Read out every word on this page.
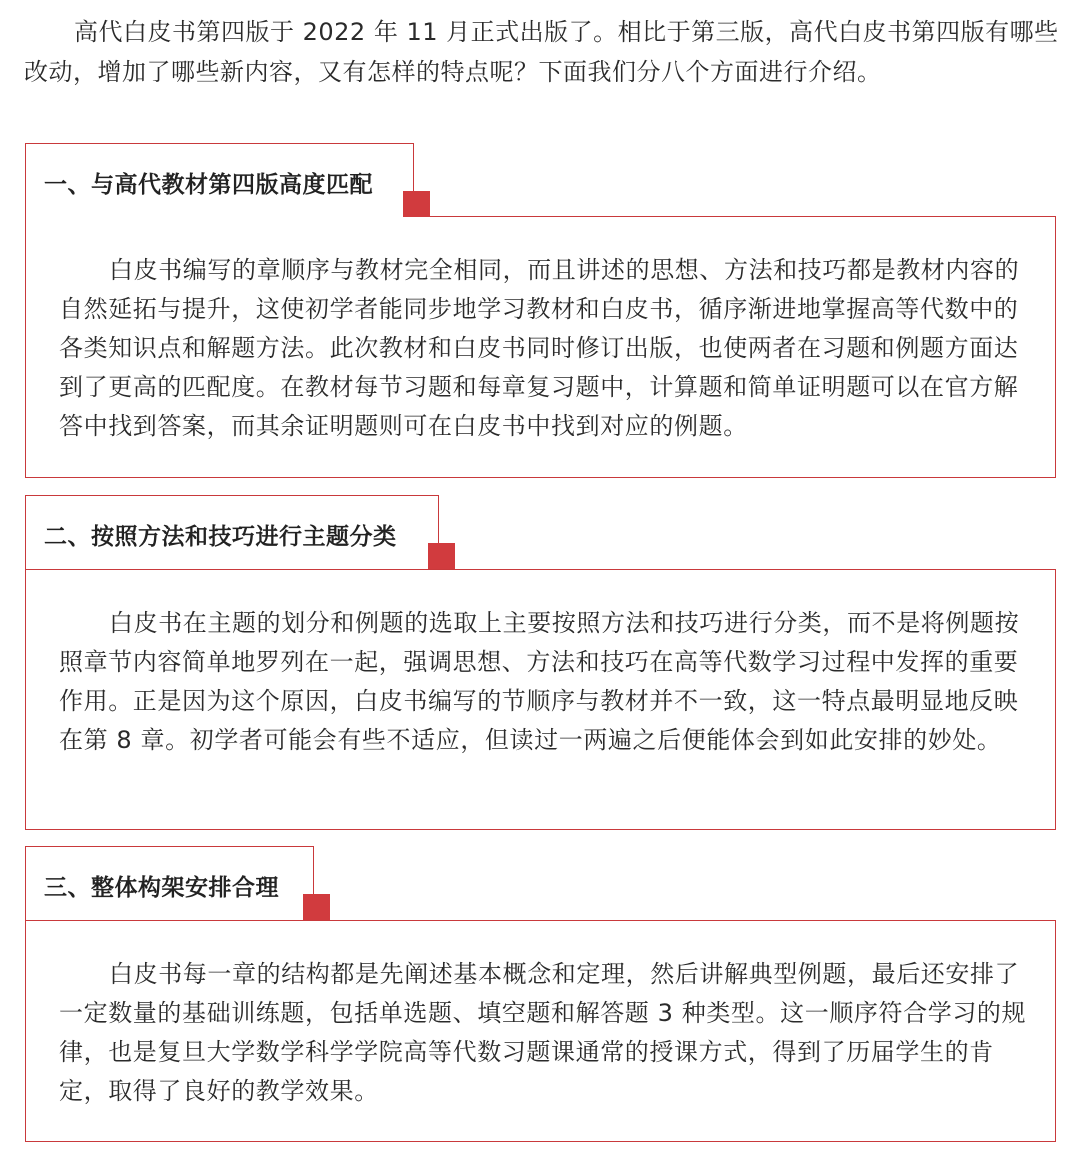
高代白皮书第四版于 2022 年 11 月正式出版了。相比于第三版，高代白皮书第四版有哪些改动，增加了哪些新内容，又有怎样的特点呢？下面我们分八个方面进行介绍。

一、与高代教材第四版高度匹配

白皮书编写的章顺序与教材完全相同，而且讲述的思想、方法和技巧都是教材内容的自然延拓与提升，这使初学者能同步地学习教材和白皮书，循序渐进地掌握高等代数中的各类知识点和解题方法。此次教材和白皮书同时修订出版，也使两者在习题和例题方面达到了更高的匹配度。在教材每节习题和每章复习题中，计算题和简单证明题可以在官方解答中找到答案，而其余证明题则可在白皮书中找到对应的例题。

二、按照方法和技巧进行主题分类

白皮书在主题的划分和例题的选取上主要按照方法和技巧进行分类，而不是将例题按照章节内容简单地罗列在一起，强调思想、方法和技巧在高等代数学习过程中发挥的重要作用。正是因为这个原因，白皮书编写的节顺序与教材并不一致，这一特点最明显地反映在第 8 章。初学者可能会有些不适应，但读过一两遍之后便能体会到如此安排的妙处。

三、整体构架安排合理

白皮书每一章的结构都是先阐述基本概念和定理，然后讲解典型例题，最后还安排了一定数量的基础训练题，包括单选题、填空题和解答题 3 种类型。这一顺序符合学习的规律，也是复旦大学数学科学学院高等代数习题课通常的授课方式，得到了历届学生的肯定，取得了良好的教学效果。
